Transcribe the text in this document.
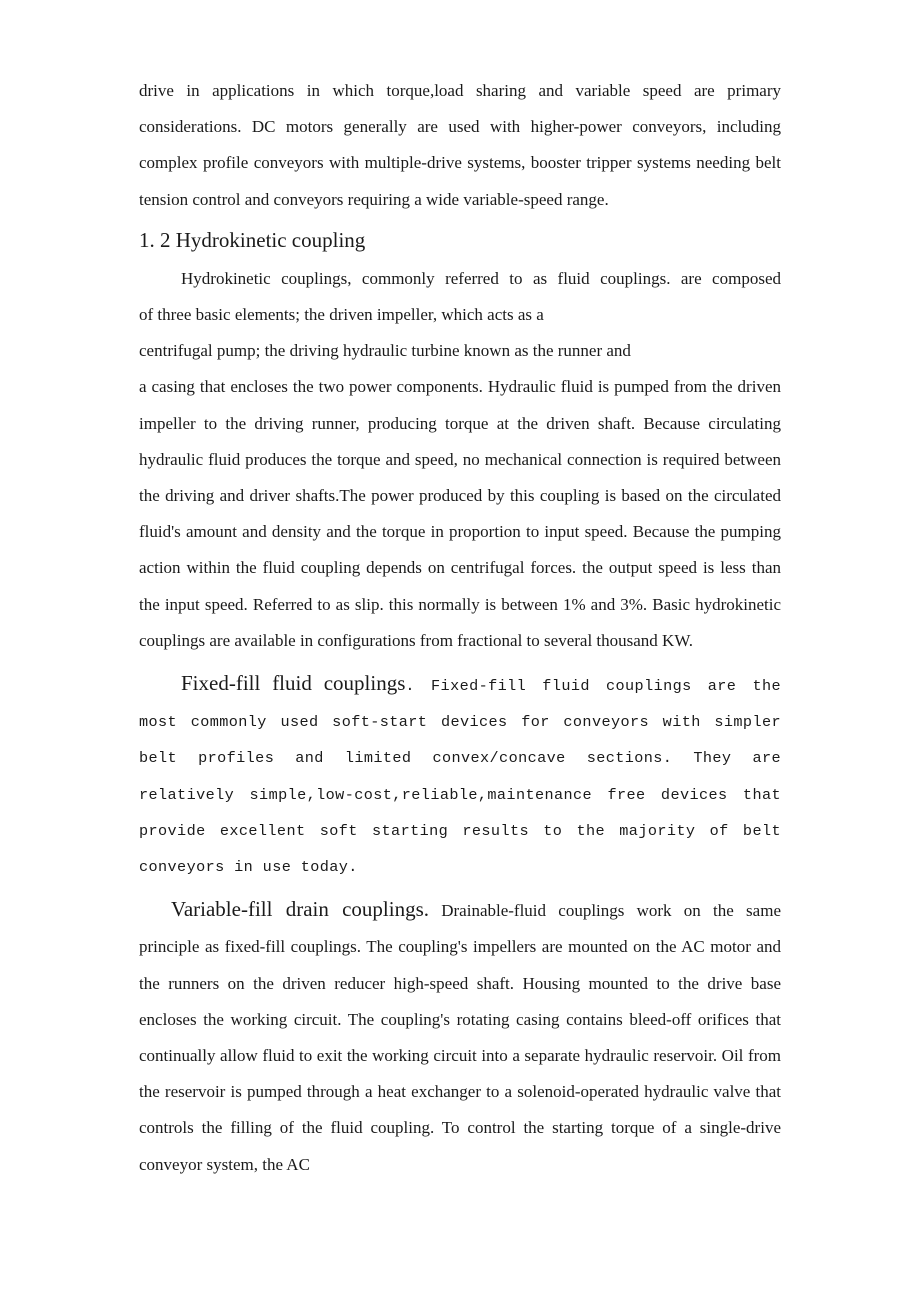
drive in applications in which torque,load sharing and variable speed are primary considerations. DC motors generally are used with higher-power conveyors, including complex profile conveyors with multiple-drive systems, booster tripper systems needing belt tension control and conveyors requiring a wide variable-speed range.

1. 2 Hydrokinetic coupling
Hydrokinetic couplings, commonly referred to as fluid couplings. are composed
of three basic elements; the driven impeller, which acts as a
centrifugal pump; the driving hydraulic turbine known as the runner and
a casing that encloses the two power components. Hydraulic fluid is pumped from the driven impeller to the driving runner, producing torque at the driven shaft. Because circulating hydraulic fluid produces the torque and speed, no mechanical connection is required between the driving and driver shafts.The power produced by this coupling is based on the circulated fluid's amount and density and the torque in proportion to input speed. Because the pumping action within the fluid coupling depends on centrifugal forces. the output speed is less than the input speed. Referred to as slip. this normally is between 1% and 3%. Basic hydrokinetic couplings are available in configurations from fractional to several thousand KW.

Fixed-fill fluid couplings. Fixed-fill fluid couplings are the most commonly used soft-start devices for conveyors with simpler belt profiles and limited convex/concave sections. They are relatively simple,low-cost,reliable,maintenance free devices that provide excellent soft starting results to the majority of belt conveyors in use today.

Variable-fill drain couplings. Drainable-fluid couplings work on the same principle as fixed-fill couplings. The coupling's impellers are mounted on the AC motor and the runners on the driven reducer high-speed shaft. Housing mounted to the drive base encloses the working circuit. The coupling's rotating casing contains bleed-off orifices that continually allow fluid to exit the working circuit into a separate hydraulic reservoir. Oil from the reservoir is pumped through a heat exchanger to a solenoid-operated hydraulic valve that controls the filling of the fluid coupling. To control the starting torque of a single-drive conveyor system, the AC
